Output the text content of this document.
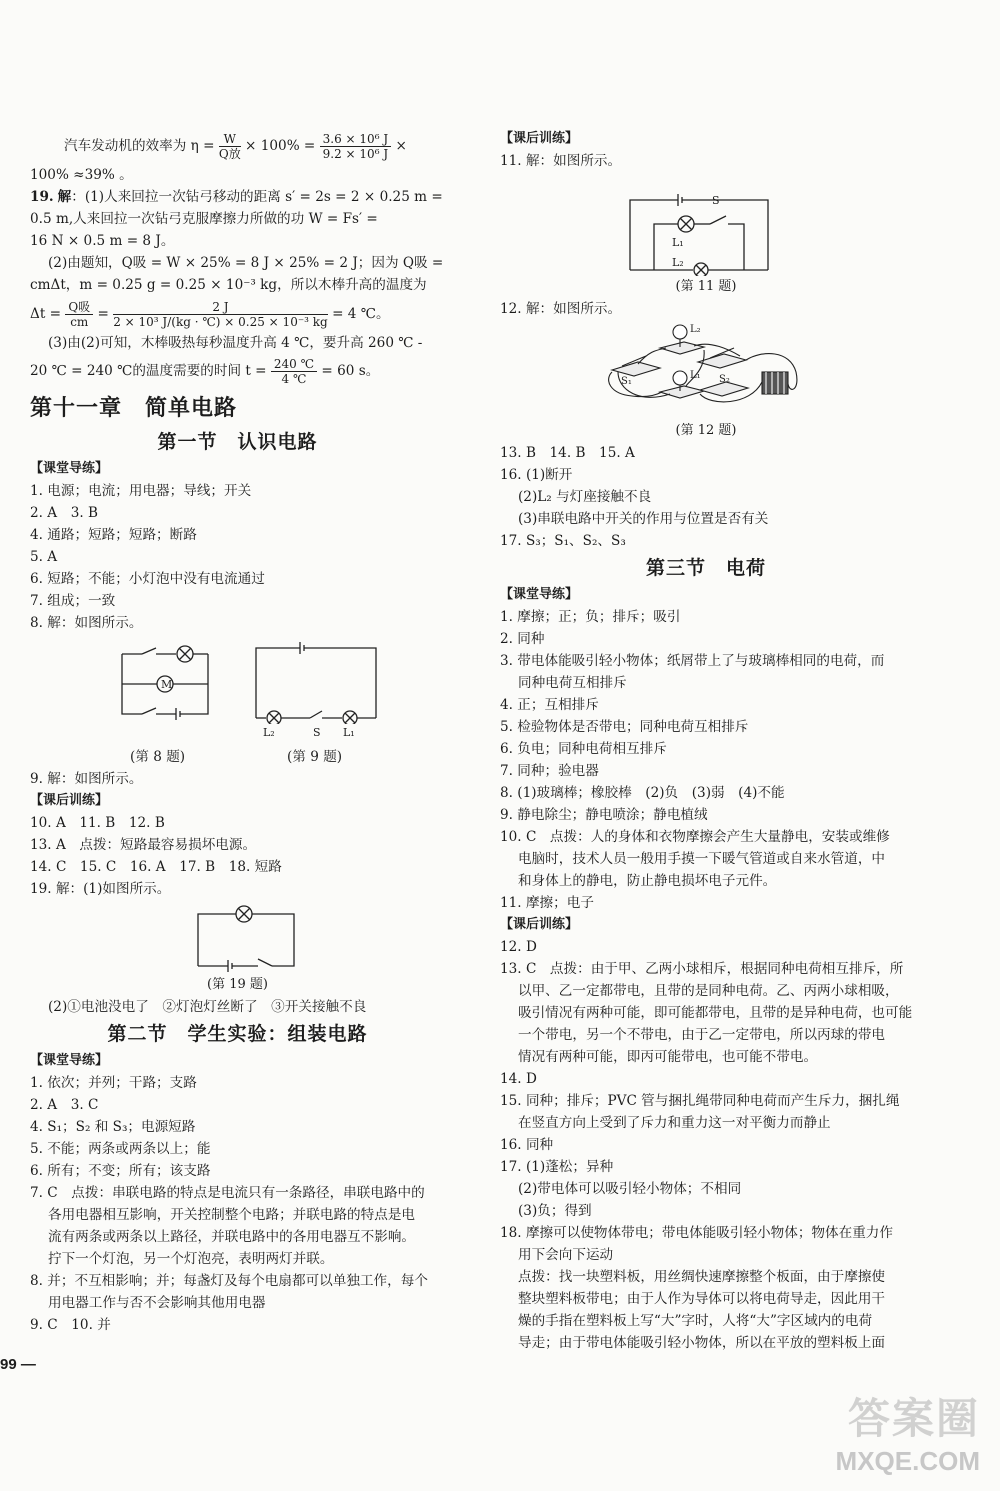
汽车发动机的效率为 $\eta = \frac{W}{\text{Q放}} \times 100\% = \frac{\text{3.6 × 10⁶ J}}{\text{9.2 × 10⁶ J}}$ ×
100% ≈39% 。
19. 解：(1)人来回拉一次钻弓移动的距离 s′ = 2s = 2 × 0.25 m =
0.5 m,人来回拉一次钻弓克服摩擦力所做的功 W = Fs′ =
16 N × 0.5 m = 8 J。
(2)由题知，Q吸 = W × 25% = 8 J × 25% = 2 J；因为 Q吸 =
cmΔt，m = 0.25 g = 0.25 × 10⁻³ kg，所以木棒升高的温度为
$\Delta t = \frac{\text{Q吸}}{cm} = \frac{2 J}{\text{2 × 10³ J/(kg · ℃) × 0.25 × 10⁻³ kg}} = 4$ ℃。
(3)由(2)可知，木棒吸热每秒温度升高 4 ℃，要升高 260 ℃ -
20 ℃ = 240 ℃的温度需要的时间 $t = \frac{240 ℃}{4 ℃} = 60$ s。
第十一章　简单电路
第一节　认识电路
【课堂导练】
1. 电源；电流；用电器；导线；开关
2. A　3. B
4. 通路；短路；短路；断路
5. A
6. 短路；不能；小灯泡中没有电流通过
7. 组成；一致
8. 解：如图所示。
M
L₂	S L₁
(第 8 题)	(第 9 题)
9. 解：如图所示。
【课后训练】
10. A　11. B　12. B
13. A　点拨：短路最容易损坏电源。
14. C　15. C　16. A　17. B　18. 短路
19. 解：(1)如图所示。
(第 19 题)
(2)①电池没电了　②灯泡灯丝断了　③开关接触不良
第二节　学生实验：组装电路
【课堂导练】
1. 依次；并列；干路；支路
2. A　3. C
4. S₁；S₂ 和 S₃；电源短路
5. 不能；两条或两条以上；能
6. 所有；不变；所有；该支路
7. C　点拨：串联电路的特点是电流只有一条路径，串联电路中的
各用电器相互影响，开关控制整个电路；并联电路的特点是电
流有两条或两条以上路径，并联电路中的各用电器互不影响。
拧下一个灯泡，另一个灯泡亮，表明两灯并联。
8. 并；不互相影响；并；每盏灯及每个电扇都可以单独工作，每个
用电器工作与否不会影响其他用电器
9. C　10. 并
【课后训练】
11. 解：如图所示。
S
L₁
L₂
(第 11 题)
12. 解：如图所示。
S₁	S₂
L₂
L₁
(第 12 题)
13. B　14. B　15. A
16. (1)断开
(2)L₂ 与灯座接触不良
(3)串联电路中开关的作用与位置是否有关
17. S₃；S₁、S₂、S₃
第三节　电荷
【课堂导练】
1. 摩擦；正；负；排斥；吸引
2. 同种
3. 带电体能吸引轻小物体；纸屑带上了与玻璃棒相同的电荷，而
同种电荷互相排斥
4. 正；互相排斥
5. 检验物体是否带电；同种电荷互相排斥
6. 负电；同种电荷相互排斥
7. 同种；验电器
8. (1)玻璃棒；橡胶棒　(2)负　(3)弱　(4)不能
9. 静电除尘；静电喷涂；静电植绒
10. C　点拨：人的身体和衣物摩擦会产生大量静电，安装或维修
电脑时，技术人员一般用手摸一下暖气管道或自来水管道，中
和身体上的静电，防止静电损坏电子元件。
11. 摩擦；电子
【课后训练】
12. D
13. C　点拨：由于甲、乙两小球相斥，根据同种电荷相互排斥，所
以甲、乙一定都带电，且带的是同种电荷。乙、丙两小球相吸，
吸引情况有两种可能，即可能都带电，且带的是异种电荷，也可能
一个带电，另一个不带电，由于乙一定带电，所以丙球的带电
情况有两种可能，即丙可能带电，也可能不带电。
14. D
15. 同种；排斥；PVC 管与捆扎绳带同种电荷而产生斥力，捆扎绳
在竖直方向上受到了斥力和重力这一对平衡力而静止
16. 同种
17. (1)蓬松；异种
(2)带电体可以吸引轻小物体；不相同
(3)负；得到
18. 摩擦可以使物体带电；带电体能吸引轻小物体；物体在重力作
用下会向下运动
点拨：找一块塑料板，用丝绸快速摩擦整个板面，由于摩擦使
整块塑料板带电；由于人作为导体可以将电荷导走，因此用干
燥的手指在塑料板上写“大”字时，人将“大”字区域内的电荷
导走；由于带电体能吸引轻小物体，所以在平放的塑料板上面
99 —
答案圈
MXQE.COM
